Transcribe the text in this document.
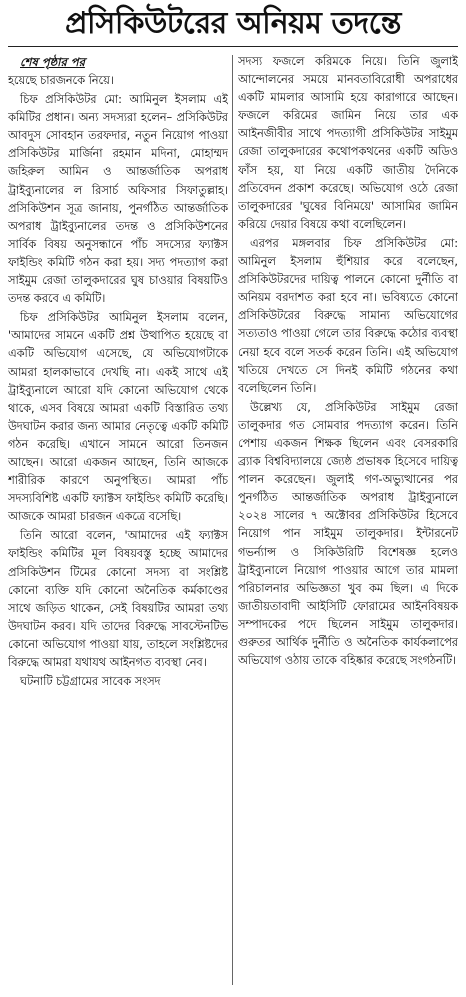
প্রসিকিউটরের অনিয়ম তদন্তে

শেষ পৃষ্ঠার পর

হয়েছে চারজনকে নিয়ে।

চিফ প্রসিকিউটর মো: আমিনুল ইসলাম এই কমিটির প্রধান। অন্য সদস্যরা হলেন– প্রসিকিউটর আবদুস সোবহান তরফদার, নতুন নিয়োগ পাওয়া প্রসিকিউটর মার্জিনা রহমান মদিনা, মোহাম্মদ জহিরুল আমিন ও আন্তর্জাতিক অপরাধ ট্রাইব্যুনালের ল রিসার্চ অফিসার সিফাতুল্লাহ। প্রসিকিউশন সূত্র জানায়, পুনর্গঠিত আন্তর্জাতিক অপরাধ ট্রাইব্যুনালের তদন্ত ও প্রসিকিউশনের সার্বিক বিষয় অনুসন্ধানে পাঁচ সদস্যের ফ্যাক্টস ফাইন্ডিং কমিটি গঠন করা হয়। সদ্য পদত্যাগ করা সাইমুম রেজা তালুকদারের ঘুষ চাওয়ার বিষয়টিও তদন্ত করবে এ কমিটি।

চিফ প্রসিকিউটর আমিনুল ইসলাম বলেন, 'আমাদের সামনে একটি প্রশ্ন উত্থাপিত হয়েছে বা একটি অভিযোগ এসেছে, যে অভিযোগটাকে আমরা হালকাভাবে দেখছি না। একই সাথে এই ট্রাইব্যুনালে আরো যদি কোনো অভিযোগ থেকে থাকে, এসব বিষয়ে আমরা একটি বিস্তারিত তথ্য উদঘাটন করার জন্য আমার নেতৃত্বে একটি কমিটি গঠন করেছি। এখানে সামনে আরো তিনজন আছেন। আরো একজন আছেন, তিনি আজকে শারীরিক কারণে অনুপস্থিত। আমরা পাঁচ সদস্যবিশিষ্ট একটি ফ্যাক্টস ফাইন্ডিং কমিটি করেছি। আজকে আমরা চারজন একত্রে বসেছি।

তিনি আরো বলেন, 'আমাদের এই ফ্যাক্টস ফাইন্ডিং কমিটির মূল বিষয়বস্তু হচ্ছে আমাদের প্রসিকিউশন টিমের কোনো সদস্য বা সংশ্লিষ্ট কোনো ব্যক্তি যদি কোনো অনৈতিক কর্মকাণ্ডের সাথে জড়িত থাকেন, সেই বিষয়টির আমরা তথ্য উদঘাটন করব। যদি তাদের বিরুদ্ধে সাবস্টেনটিভ কোনো অভিযোগ পাওয়া যায়, তাহলে সংশ্লিষ্টদের বিরুদ্ধে আমরা যথাযথ আইনগত ব্যবস্থা নেব।

ঘটনাটি চট্টগ্রামের সাবেক সংসদ

সদস্য ফজলে করিমকে নিয়ে। তিনি জুলাই আন্দোলনের সময়ে মানবতাবিরোধী অপরাধের একটি মামলার আসামি হয়ে কারাগারে আছেন। ফজলে করিমের জামিন নিয়ে তার এক আইনজীবীর সাথে পদত্যাগী প্রসিকিউটর সাইমুম রেজা তালুকদারের কথোপকথনের একটি অডিও ফাঁস হয়, যা নিয়ে একটি জাতীয় দৈনিকে প্রতিবেদন প্রকাশ করেছে। অভিযোগ ওঠে রেজা তালুকদারের 'ঘুষের বিনিময়ে' আসামির জামিন করিয়ে দেয়ার বিষয়ে কথা বলেছিলেন।

এরপর মঙ্গলবার চিফ প্রসিকিউটর মো: আমিনুল ইসলাম হুঁশিয়ার করে বলেছেন, প্রসিকিউটরদের দায়িত্ব পালনে কোনো দুর্নীতি বা অনিয়ম বরদাশত করা হবে না। ভবিষ্যতে কোনো প্রসিকিউটরের বিরুদ্ধে সামান্য অভিযোগের সত্যতাও পাওয়া গেলে তার বিরুদ্ধে কঠোর ব্যবস্থা নেয়া হবে বলে সতর্ক করেন তিনি। এই অভিযোগ খতিয়ে দেখতে সে দিনই কমিটি গঠনের কথা বলেছিলেন তিনি।

উল্লেখ্য যে, প্রসিকিউটর সাইমুম রেজা তালুকদার গত সোমবার পদত্যাগ করেন। তিনি পেশায় একজন শিক্ষক ছিলেন এবং বেসরকারি ব্র্যাক বিশ্ববিদ্যালয়ে জ্যেষ্ঠ প্রভাষক হিসেবে দায়িত্ব পালন করেছেন। জুলাই গণ-অভ্যুত্থানের পর পুনর্গঠিত আন্তর্জাতিক অপরাধ ট্রাইব্যুনালে ২০২৪ সালের ৭ অক্টোবর প্রসিকিউটর হিসেবে নিয়োগ পান সাইমুম তালুকদার। ইন্টারনেট গভর্ন্যান্স ও সিকিউরিটি বিশেষজ্ঞ হলেও ট্রাইব্যুনালে নিয়োগ পাওয়ার আগে তার মামলা পরিচালনার অভিজ্ঞতা খুব কম ছিল। এ দিকে জাতীয়তাবাদী আইসিটি ফোরামের আইনবিষয়ক সম্পাদকের পদে ছিলেন সাইমুম তালুকদার। গুরুতর আর্থিক দুর্নীতি ও অনৈতিক কার্যকলাপের অভিযোগ ওঠায় তাকে বহিষ্কার করেছে সংগঠনটি।
